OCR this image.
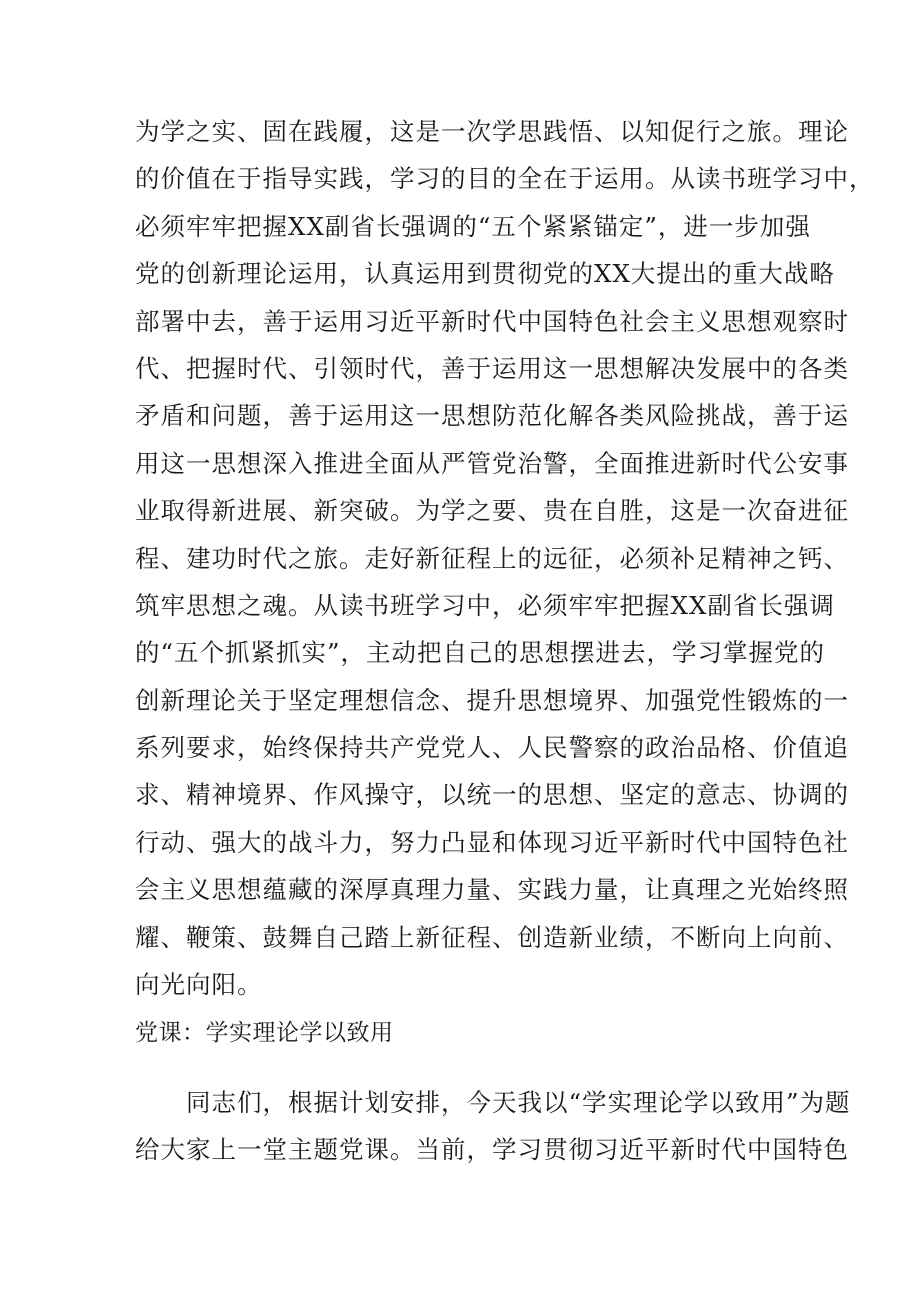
为学之实、固在践履，这是一次学思践悟、以知促行之旅。理论
的价值在于指导实践，学习的目的全在于运用。从读书班学习中，
必须牢牢把握XX副省长强调的“五个紧紧锚定”，进一步加强
党的创新理论运用，认真运用到贯彻党的XX大提出的重大战略
部署中去，善于运用习近平新时代中国特色社会主义思想观察时
代、把握时代、引领时代，善于运用这一思想解决发展中的各类
矛盾和问题，善于运用这一思想防范化解各类风险挑战，善于运
用这一思想深入推进全面从严管党治警，全面推进新时代公安事
业取得新进展、新突破。为学之要、贵在自胜，这是一次奋进征
程、建功时代之旅。走好新征程上的远征，必须补足精神之钙、
筑牢思想之魂。从读书班学习中，必须牢牢把握XX副省长强调
的“五个抓紧抓实”，主动把自己的思想摆进去，学习掌握党的
创新理论关于坚定理想信念、提升思想境界、加强党性锻炼的一
系列要求，始终保持共产党党人、人民警察的政治品格、价值追
求、精神境界、作风操守，以统一的思想、坚定的意志、协调的
行动、强大的战斗力，努力凸显和体现习近平新时代中国特色社
会主义思想蕴藏的深厚真理力量、实践力量，让真理之光始终照
耀、鞭策、鼓舞自己踏上新征程、创造新业绩，不断向上向前、
向光向阳。
党课：学实理论学以致用
　　同志们，根据计划安排，今天我以“学实理论学以致用”为题
给大家上一堂主题党课。当前，学习贯彻习近平新时代中国特色
